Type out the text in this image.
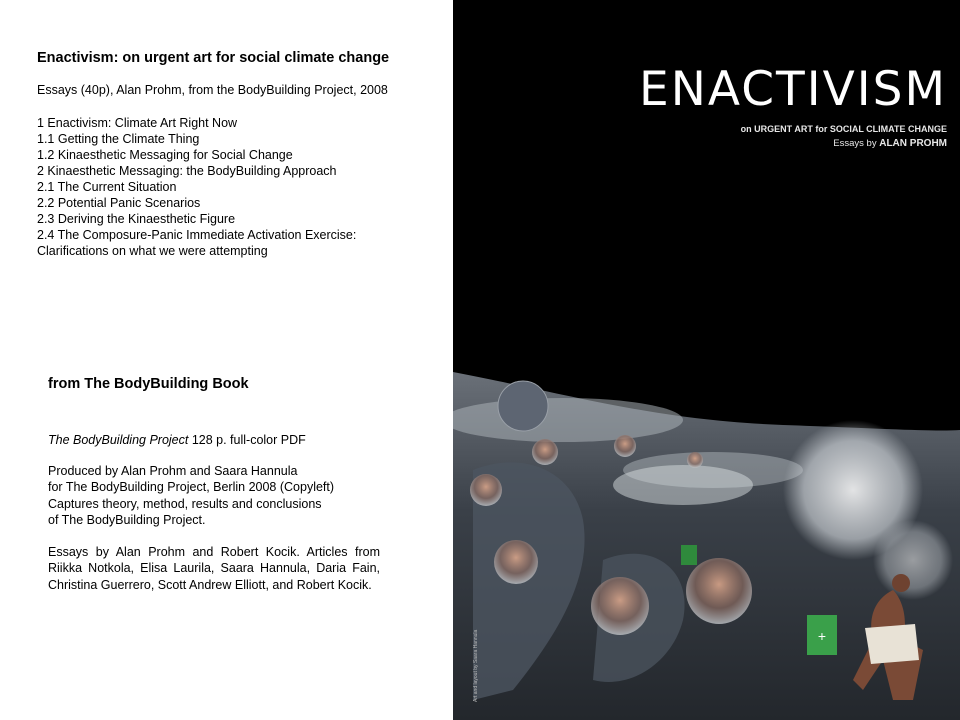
Enactivism: on urgent art for social climate change
Essays (40p), Alan Prohm, from the BodyBuilding Project, 2008
1 Enactivism: Climate Art Right Now
1.1 Getting the Climate Thing
1.2 Kinaesthetic Messaging for Social Change
2 Kinaesthetic Messaging: the BodyBuilding Approach
2.1 The Current Situation
2.2 Potential Panic Scenarios
2.3 Deriving the Kinaesthetic Figure
2.4 The Composure-Panic Immediate Activation Exercise:
Clarifications on what we were attempting
from The BodyBuilding Book

The BodyBuilding Project 128 p. full-color PDF

Produced by Alan Prohm and Saara Hannula
for The BodyBuilding Project, Berlin 2008 (Copyleft)
Captures theory, method, results and conclusions
of The BodyBuilding Project.

Essays by Alan Prohm and Robert Kocik. Articles from Riikka Notkola, Elisa Laurila, Saara Hannula, Daria Fain, Christina Guerrero, Scott Andrew Elliott, and Robert Kocik.

+
ENACTIVISM
on URGENT ART for SOCIAL CLIMATE CHANGE
Essays by ALAN PROHM
Art and layout by Saara Hannula
